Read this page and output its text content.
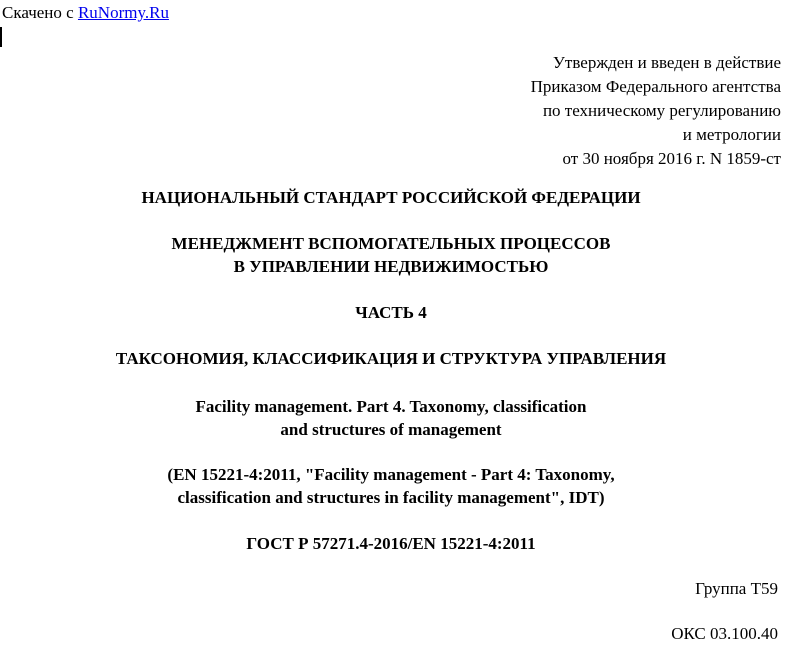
Скачено с RuNormy.Ru
Утвержден и введен в действие
Приказом Федерального агентства
по техническому регулированию
и метрологии
от 30 ноября 2016 г. N 1859-ст
НАЦИОНАЛЬНЫЙ СТАНДАРТ РОССИЙСКОЙ ФЕДЕРАЦИИ
МЕНЕДЖМЕНТ ВСПОМОГАТЕЛЬНЫХ ПРОЦЕССОВ
В УПРАВЛЕНИИ НЕДВИЖИМОСТЬЮ
ЧАСТЬ 4
ТАКСОНОМИЯ, КЛАССИФИКАЦИЯ И СТРУКТУРА УПРАВЛЕНИЯ
Facility management. Part 4. Taxonomy, classification
and structures of management
(EN 15221-4:2011, "Facility management - Part 4: Taxonomy,
classification and structures in facility management", IDT)
ГОСТ Р 57271.4-2016/EN 15221-4:2011
Группа Т59
ОКС 03.100.40
